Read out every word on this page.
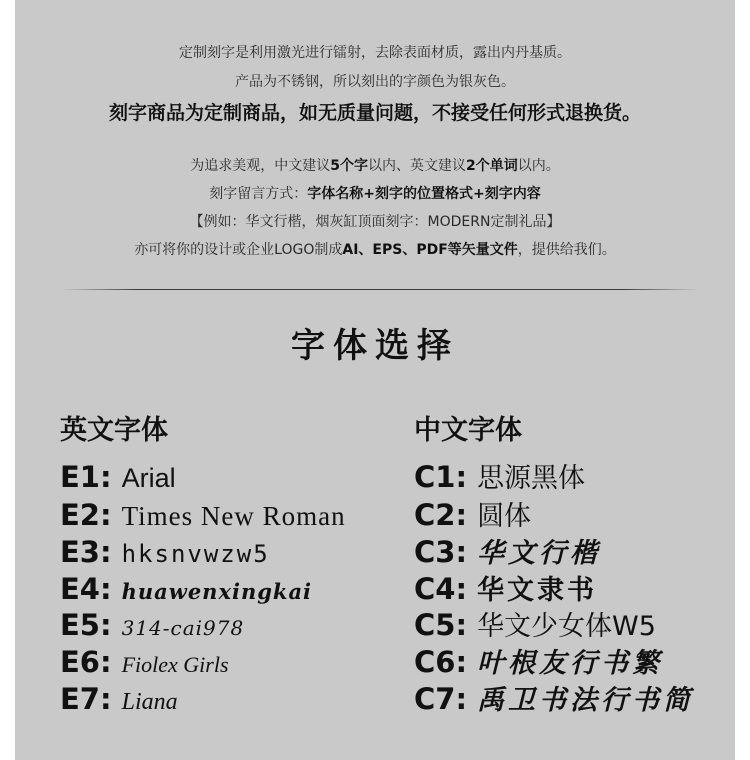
定制刻字是利用激光进行镭射，去除表面材质，露出内丹基质。
产品为不锈钢，所以刻出的字颜色为银灰色。
刻字商品为定制商品，如无质量问题，不接受任何形式退换货。
为追求美观，中文建议5个字以内、英文建议2个单词以内。
刻字留言方式：字体名称+刻字的位置格式+刻字内容
【例如：华文行楷，烟灰缸顶面刻字：MODERN定制礼品】
亦可将你的设计或企业LOGO制成AI、EPS、PDF等矢量文件，提供给我们。
字体选择
英文字体	中文字体
E1: Arial
E2: Times New Roman
E3: hksnvwzw5
E4: huawenxingkai
E5: 314-cai978
E6: Fiolex Girls
E7: Liana
C1: 思源黑体
C2: 圆体
C3: 华文行楷
C4: 华文隶书
C5: 华文少女体W5
C6: 叶根友行书繁
C7: 禹卫书法行书简
